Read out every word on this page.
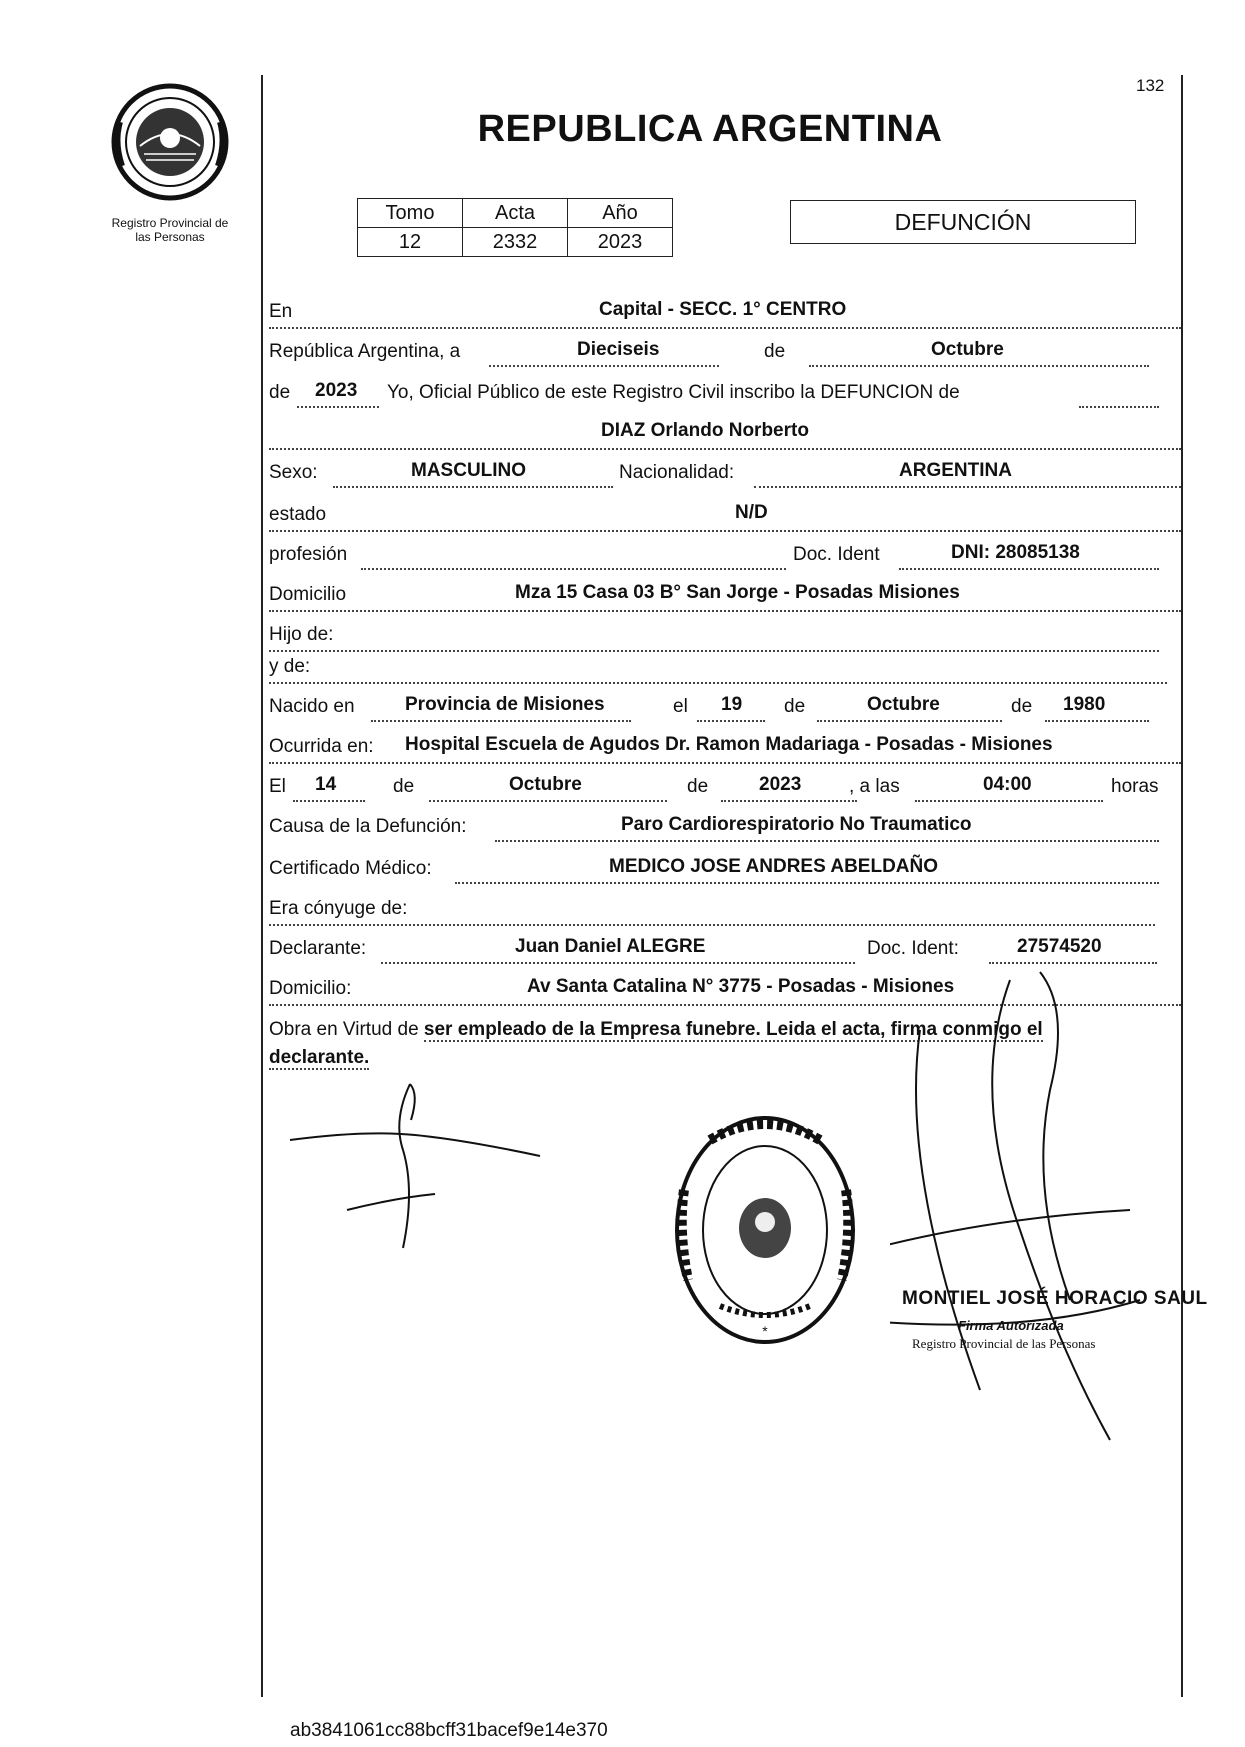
132
REPUBLICA ARGENTINA
Registro Provincial de
las Personas
Tomo	Acta	Año
12	2332	2023
DEFUNCIÓN
En	Capital - SECC. 1° CENTRO
República Argentina, a	Dieciseis	de	Octubre
de 2023 Yo, Oficial Público de este Registro Civil inscribo la DEFUNCION de
DIAZ Orlando Norberto
Sexo:	MASCULINO	Nacionalidad:	ARGENTINA
estado	N/D
profesión	Doc. Ident	DNI: 28085138
Domicilio	Mza 15 Casa 03 B° San Jorge - Posadas Misiones
Hijo de:
y de:
Nacido en	Provincia de Misiones	el 19 de	Octubre	de 1980
Ocurrida en: Hospital Escuela de Agudos Dr. Ramon Madariaga - Posadas - Misiones
El 14	de	Octubre	de	2023	, a las	04:00	horas
Causa de la Defunción:	Paro Cardiorespiratorio No Traumatico
Certificado Médico:	MEDICO JOSE ANDRES ABELDAÑO
Era cónyuge de:
Declarante:	Juan Daniel ALEGRE	Doc. Ident:	27574520
Domicilio:	Av Santa Catalina N° 3775 - Posadas - Misiones
Obra en Virtud de ser empleado de la Empresa funebre. Leida el acta, firma conmigo el
declarante.
*
MONTIEL JOSÉ HORACIO SAUL
Firma Autorizada
Registro Provincial de las Personas
ab3841061cc88bcff31bacef9e14e370
